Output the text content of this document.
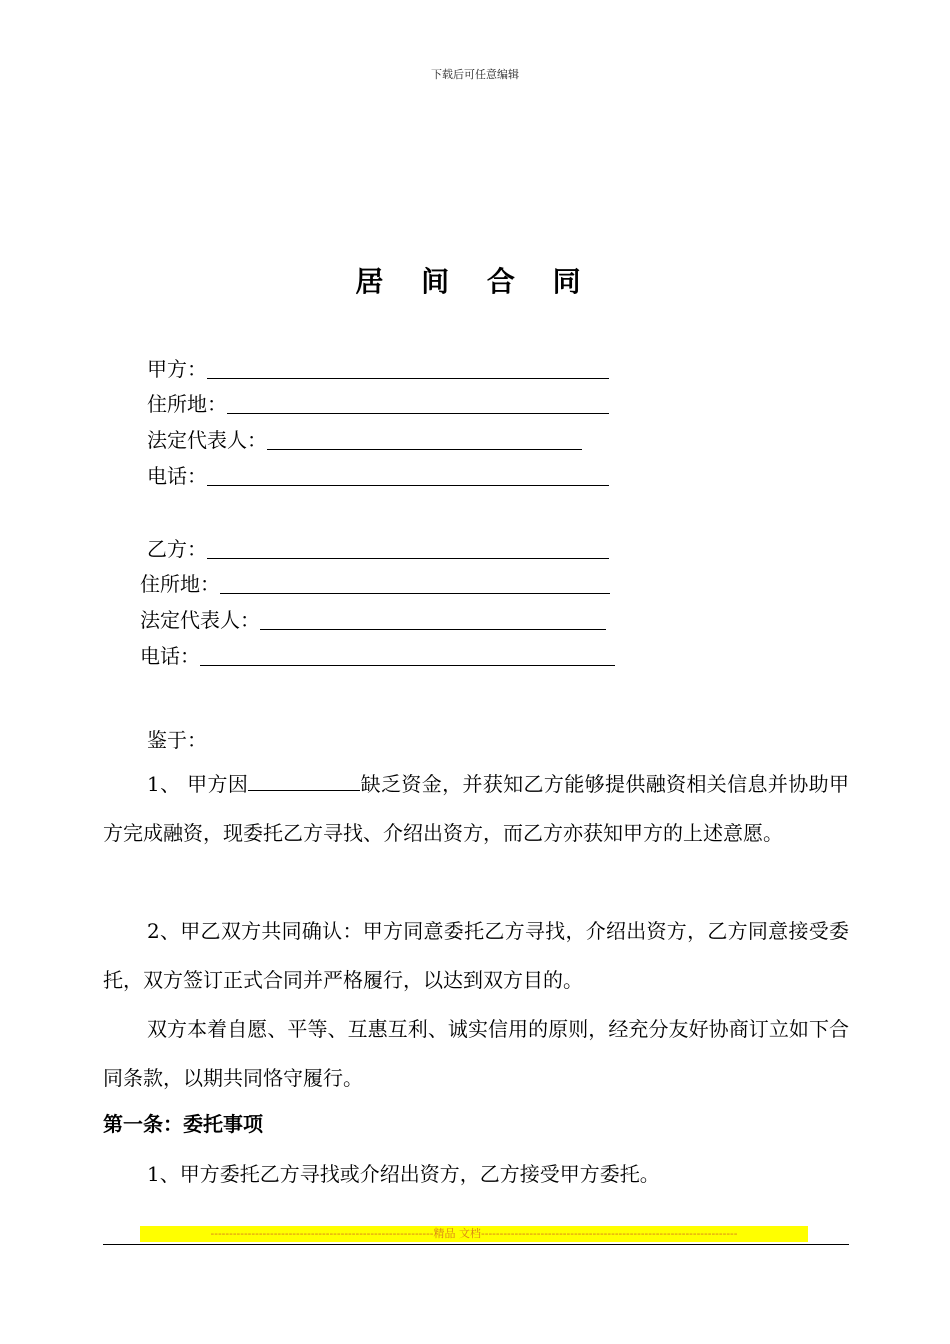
下载后可任意编辑
居 间 合 同
甲方：
住所地：
法定代表人：
电话：
乙方：
住所地：
法定代表人：
电话：
鉴于：

1、 甲方因	缺乏资金，并获知乙方能够提供融资相关信息并协助甲方完成融资，现委托乙方寻找、介绍出资方，而乙方亦获知甲方的上述意愿。

2、甲乙双方共同确认：甲方同意委托乙方寻找，介绍出资方，乙方同意接受委托，双方签订正式合同并严格履行，以达到双方目的。

双方本着自愿、平等、互惠互利、诚实信用的原则，经充分友好协商订立如下合同条款，以期共同恪守履行。

第一条：委托事项

1、甲方委托乙方寻找或介绍出资方，乙方接受甲方委托。

------------------------------------------------------------精品 文档---------------------------------------------------------------------
